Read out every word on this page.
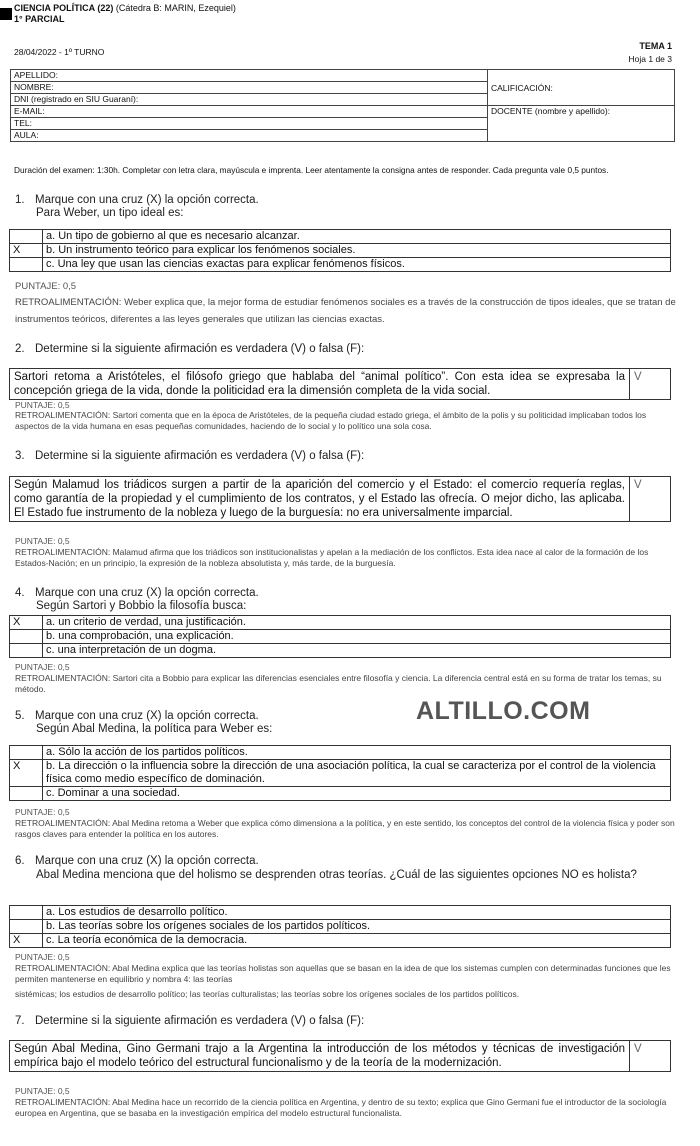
CIENCIA POLÍTICA (22) (Cátedra B: MARIN, Ezequiel)
1° PARCIAL
28/04/2022 - 1º TURNO
TEMA 1
Hoja 1 de 3
APELLIDO:	CALIFICACIÓN:
NOMBRE:	
DNI (registrado en SIU Guaraní):	
E-MAIL:	DOCENTE (nombre y apellido):
TEL:	
AULA:	
Duración del examen: 1:30h. Completar con letra clara, mayúscula e imprenta. Leer atentamente la consigna antes de responder. Cada pregunta vale 0,5 puntos.
1. Marque con una cruz (X) la opción correcta.
Para Weber, un tipo ideal es:
	a. Un tipo de gobierno al que es necesario alcanzar.
X	b. Un instrumento teórico para explicar los fenómenos sociales.
	c. Una ley que usan las ciencias exactas para explicar fenómenos físicos.
PUNTAJE: 0,5
RETROALIMENTACIÓN: Weber explica que, la mejor forma de estudiar fenómenos sociales es a través de la construcción de tipos ideales, que se tratan de instrumentos teóricos, diferentes a las leyes generales que utilizan las ciencias exactas.
2. Determine si la siguiente afirmación es verdadera (V) o falsa (F):
Sartori retoma a Aristóteles, el filósofo griego que hablaba del “animal político”. Con esta idea se expresaba la concepción griega de la vida, donde la politicidad era la dimensión completa de la vida social.	V
PUNTAJE: 0,5
RETROALIMENTACIÓN: Sartori comenta que en la época de Aristóteles, de la pequeña ciudad estado griega, el ámbito de la polis y su politicidad implicaban todos los aspectos de la vida humana en esas pequeñas comunidades, haciendo de lo social y lo político una sola cosa.
3. Determine si la siguiente afirmación es verdadera (V) o falsa (F):
Según Malamud los triádicos surgen a partir de la aparición del comercio y el Estado: el comercio requería reglas, como garantía de la propiedad y el cumplimiento de los contratos, y el Estado las ofrecía. O mejor dicho, las aplicaba. El Estado fue instrumento de la nobleza y luego de la burguesía: no era universalmente imparcial.	V
PUNTAJE: 0,5
RETROALIMENTACIÓN: Malamud afirma que los triádicos son institucionalistas y apelan a la mediación de los conflictos. Esta idea nace al calor de la formación de los Estados-Nación; en un principio, la expresión de la nobleza absolutista y, más tarde, de la burguesía.
4. Marque con una cruz (X) la opción correcta.
Según Sartori y Bobbio la filosofía busca:
X	a. un criterio de verdad, una justificación.
	b. una comprobación, una explicación.
	c. una interpretación de un dogma.
PUNTAJE: 0,5
RETROALIMENTACIÓN: Sartori cita a Bobbio para explicar las diferencias esenciales entre filosofía y ciencia. La diferencia central está en su forma de tratar los temas, su método.
ALTILLO.COM
5. Marque con una cruz (X) la opción correcta.
Según Abal Medina, la política para Weber es:
	a. Sólo la acción de los partidos políticos.
X	b. La dirección o la influencia sobre la dirección de una asociación política, la cual se caracteriza por el control de la violencia física como medio específico de dominación.
	c. Dominar a una sociedad.
PUNTAJE: 0,5
RETROALIMENTACIÓN: Abal Medina retoma a Weber que explica cómo dimensiona a la política, y en este sentido, los conceptos del control de la violencia física y poder son rasgos claves para entender la política en los autores.
6. Marque con una cruz (X) la opción correcta.
Abal Medina menciona que del holismo se desprenden otras teorías. ¿Cuál de las siguientes opciones NO es holista?
	a. Los estudios de desarrollo político.
	b. Las teorías sobre los orígenes sociales de los partidos políticos.
X	c. La teoría económica de la democracia.
PUNTAJE: 0,5
RETROALIMENTACIÓN: Abal Medina explica que las teorías holistas son aquellas que se basan en la idea de que los sistemas cumplen con determinadas funciones que les permiten mantenerse en equilibrio y nombra 4: las teorías
sistémicas; los estudios de desarrollo político; las teorías culturalistas; las teorías sobre los orígenes sociales de los partidos políticos.
7. Determine si la siguiente afirmación es verdadera (V) o falsa (F):
Según Abal Medina, Gino Germani trajo a la Argentina la introducción de los métodos y técnicas de investigación empírica bajo el modelo teórico del estructural funcionalismo y de la teoría de la modernización.	V
PUNTAJE: 0,5
RETROALIMENTACIÓN: Abal Medina hace un recorrido de la ciencia política en Argentina, y dentro de su texto; explica que Gino Germani fue el introductor de la sociología europea en Argentina, que se basaba en la investigación empírica del modelo estructural funcionalista.
